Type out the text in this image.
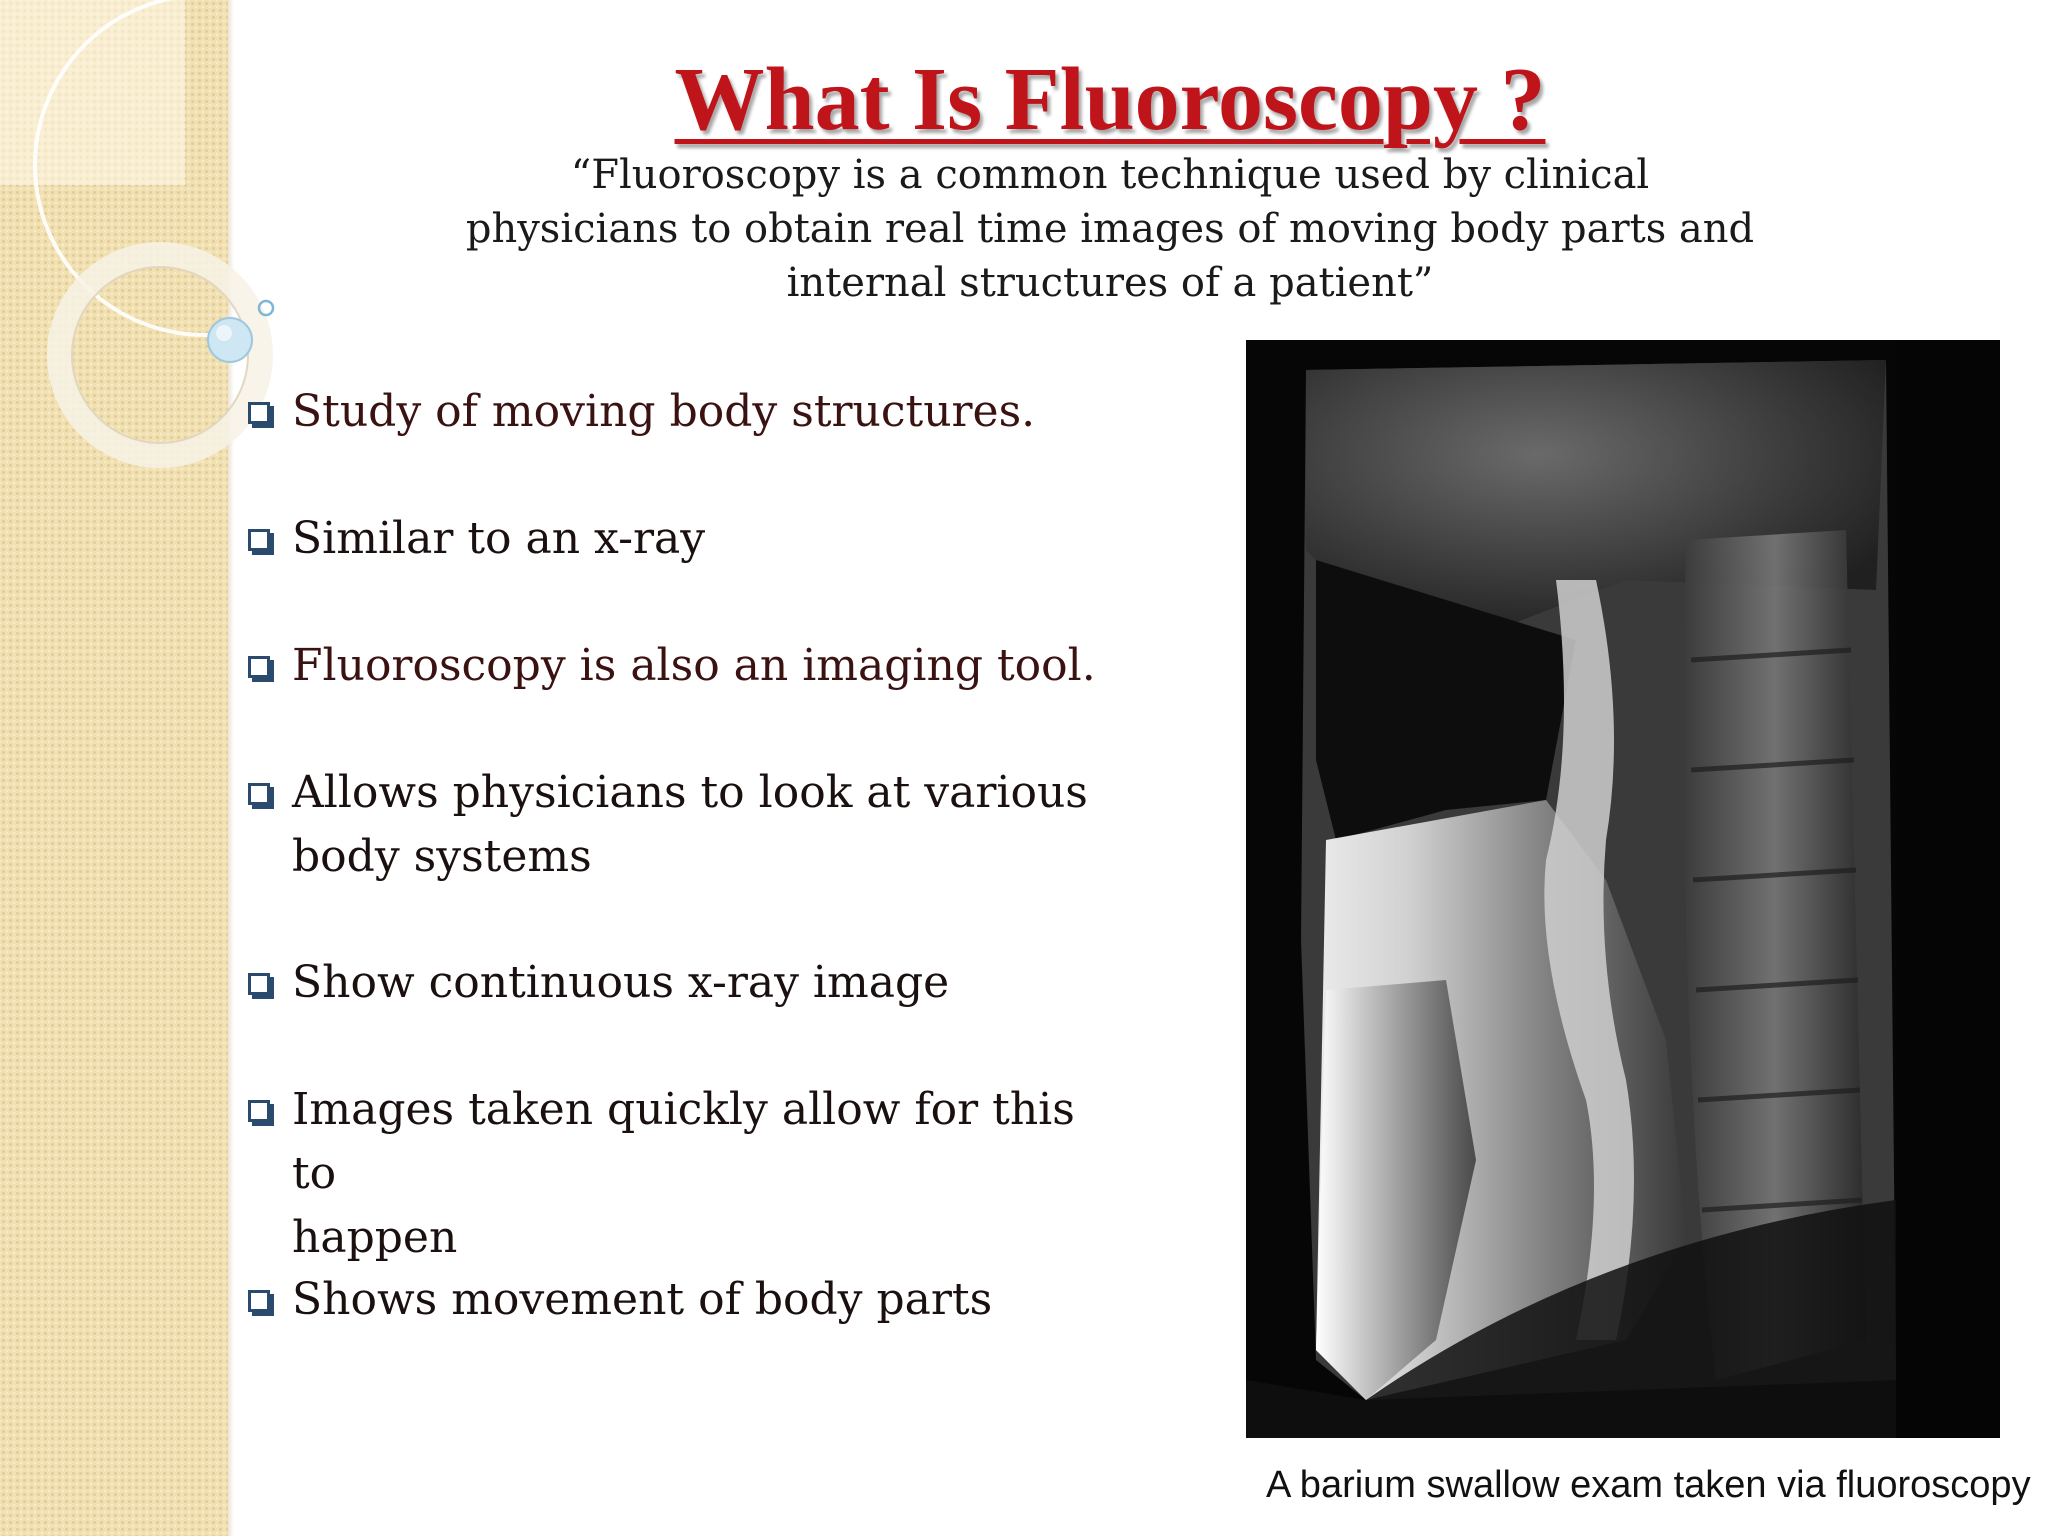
What Is Fluoroscopy ?

“Fluoroscopy is a common technique used by clinical
physicians to obtain real time images of moving body parts and
internal structures of a patient”

Study of moving body structures.
Similar to an x-ray
Fluoroscopy is also an imaging tool.
Allows physicians to look at various
body systems
Show continuous x-ray image
Images taken quickly allow for this to
happen
Shows movement of body parts

A barium swallow exam taken via fluoroscopy
